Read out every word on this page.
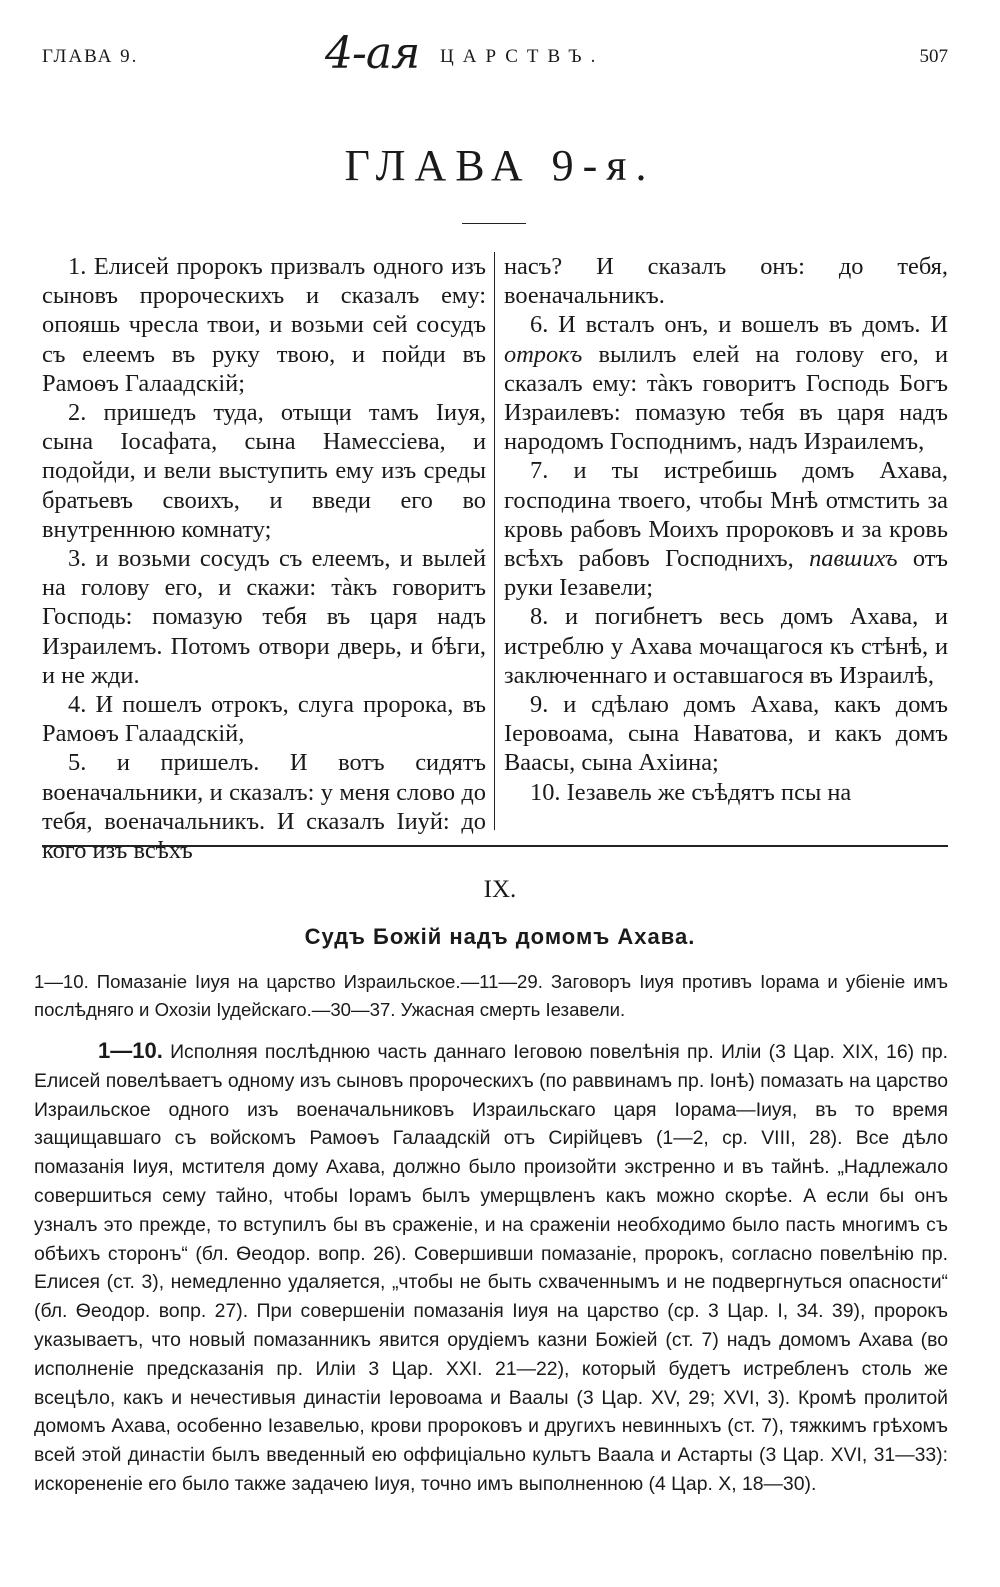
ГЛАВА 9.	4-ая ЦАРСТВЪ.	507
ГЛАВА 9-я.

1. Елисей пророкъ призвалъ одного изъ сыновъ пророческихъ и сказалъ ему: опояшь чресла твои, и возьми сей сосудъ съ елеемъ въ руку твою, и пойди въ Рамоѳъ Галаадскій;

2. пришедъ туда, отыщи тамъ Іиуя, сына Іосафата, сына Намессіева, и подойди, и вели выступить ему изъ среды братьевъ своихъ, и введи его во внутреннюю комнату;

3. и возьми сосудъ съ елеемъ, и вылей на голову его, и скажи: тàкъ говоритъ Господь: помазую тебя въ царя надъ Израилемъ. Потомъ отвори дверь, и бѣги, и не жди.

4. И пошелъ отрокъ, слуга пророка, въ Рамоѳъ Галаадскій,

5. и пришелъ. И вотъ сидятъ военачальники, и сказалъ: у меня слово до тебя, военачальникъ. И сказалъ Іиуй: до кого изъ всѣхъ

насъ? И сказалъ онъ: до тебя, военачальникъ.

6. И всталъ онъ, и вошелъ въ домъ. И отрокъ вылилъ елей на голову его, и сказалъ ему: тàкъ говоритъ Господь Богъ Израилевъ: помазую тебя въ царя надъ народомъ Господнимъ, надъ Израилемъ,

7. и ты истребишь домъ Ахава, господина твоего, чтобы Мнѣ отмстить за кровь рабовъ Моихъ пророковъ и за кровь всѣхъ рабовъ Господнихъ, павшихъ отъ руки Іезавели;

8. и погибнетъ весь домъ Ахава, и истреблю у Ахава мочащагося къ стѣнѣ, и заключеннаго и оставшагося въ Израилѣ,

9. и сдѣлаю домъ Ахава, какъ домъ Іеровоама, сына Наватова, и какъ домъ Ваасы, сына Ахіина;

10. Іезавель же съѣдятъ псы на

IX.
Судъ Божій надъ домомъ Ахава.
1—10. Помазаніе Іиуя на царство Израильское.—11—29. Заговоръ Іиуя противъ Іорама и убіеніе имъ послѣдняго и Охозіи Іудейскаго.—30—37. Ужасная смерть Іезавели.
1—10. Исполняя послѣднюю часть даннаго Іеговою повелѣнія пр. Иліи (3 Цар. XIX, 16) пр. Елисей повелѣваетъ одному изъ сыновъ пророческихъ (по раввинамъ пр. Іонѣ) помазать на царство Израильское одного изъ военачальниковъ Израильскаго царя Іорама—Іиуя, въ то время защищавшаго съ войскомъ Рамоѳъ Галаадскій отъ Сирійцевъ (1—2, ср. VIII, 28). Все дѣло помазанія Іиуя, мстителя дому Ахава, должно было произойти экстренно и въ тайнѣ. „Надлежало совершиться сему тайно, чтобы Іорамъ былъ умерщвленъ какъ можно скорѣе. А если бы онъ узналъ это прежде, то вступилъ бы въ сраженіе, и на сраженіи необходимо было пасть многимъ съ обѣихъ сторонъ“ (бл. Ѳеодор. вопр. 26). Совершивши помазаніе, пророкъ, согласно повелѣнію пр. Елисея (ст. 3), немедленно удаляется, „чтобы не быть схваченнымъ и не подвергнуться опасности“ (бл. Ѳеодор. вопр. 27). При совершеніи помазанія Іиуя на царство (ср. 3 Цар. I, 34. 39), пророкъ указываетъ, что новый помазанникъ явится орудіемъ казни Божіей (ст. 7) надъ домомъ Ахава (во исполненіе предсказанія пр. Иліи 3 Цар. XXI. 21—22), который будетъ истребленъ столь же всецѣло, какъ и нечестивыя династіи Іеровоама и Ваалы (3 Цар. XV, 29; XVI, 3). Кромѣ пролитой домомъ Ахава, особенно Іезавелью, крови пророковъ и другихъ невинныхъ (ст. 7), тяжкимъ грѣхомъ всей этой династіи былъ введенный ею оффиціально культъ Ваала и Астарты (3 Цар. XVI, 31—33): искорененіе его было также задачею Іиуя, точно имъ выполненною (4 Цар. X, 18—30).
